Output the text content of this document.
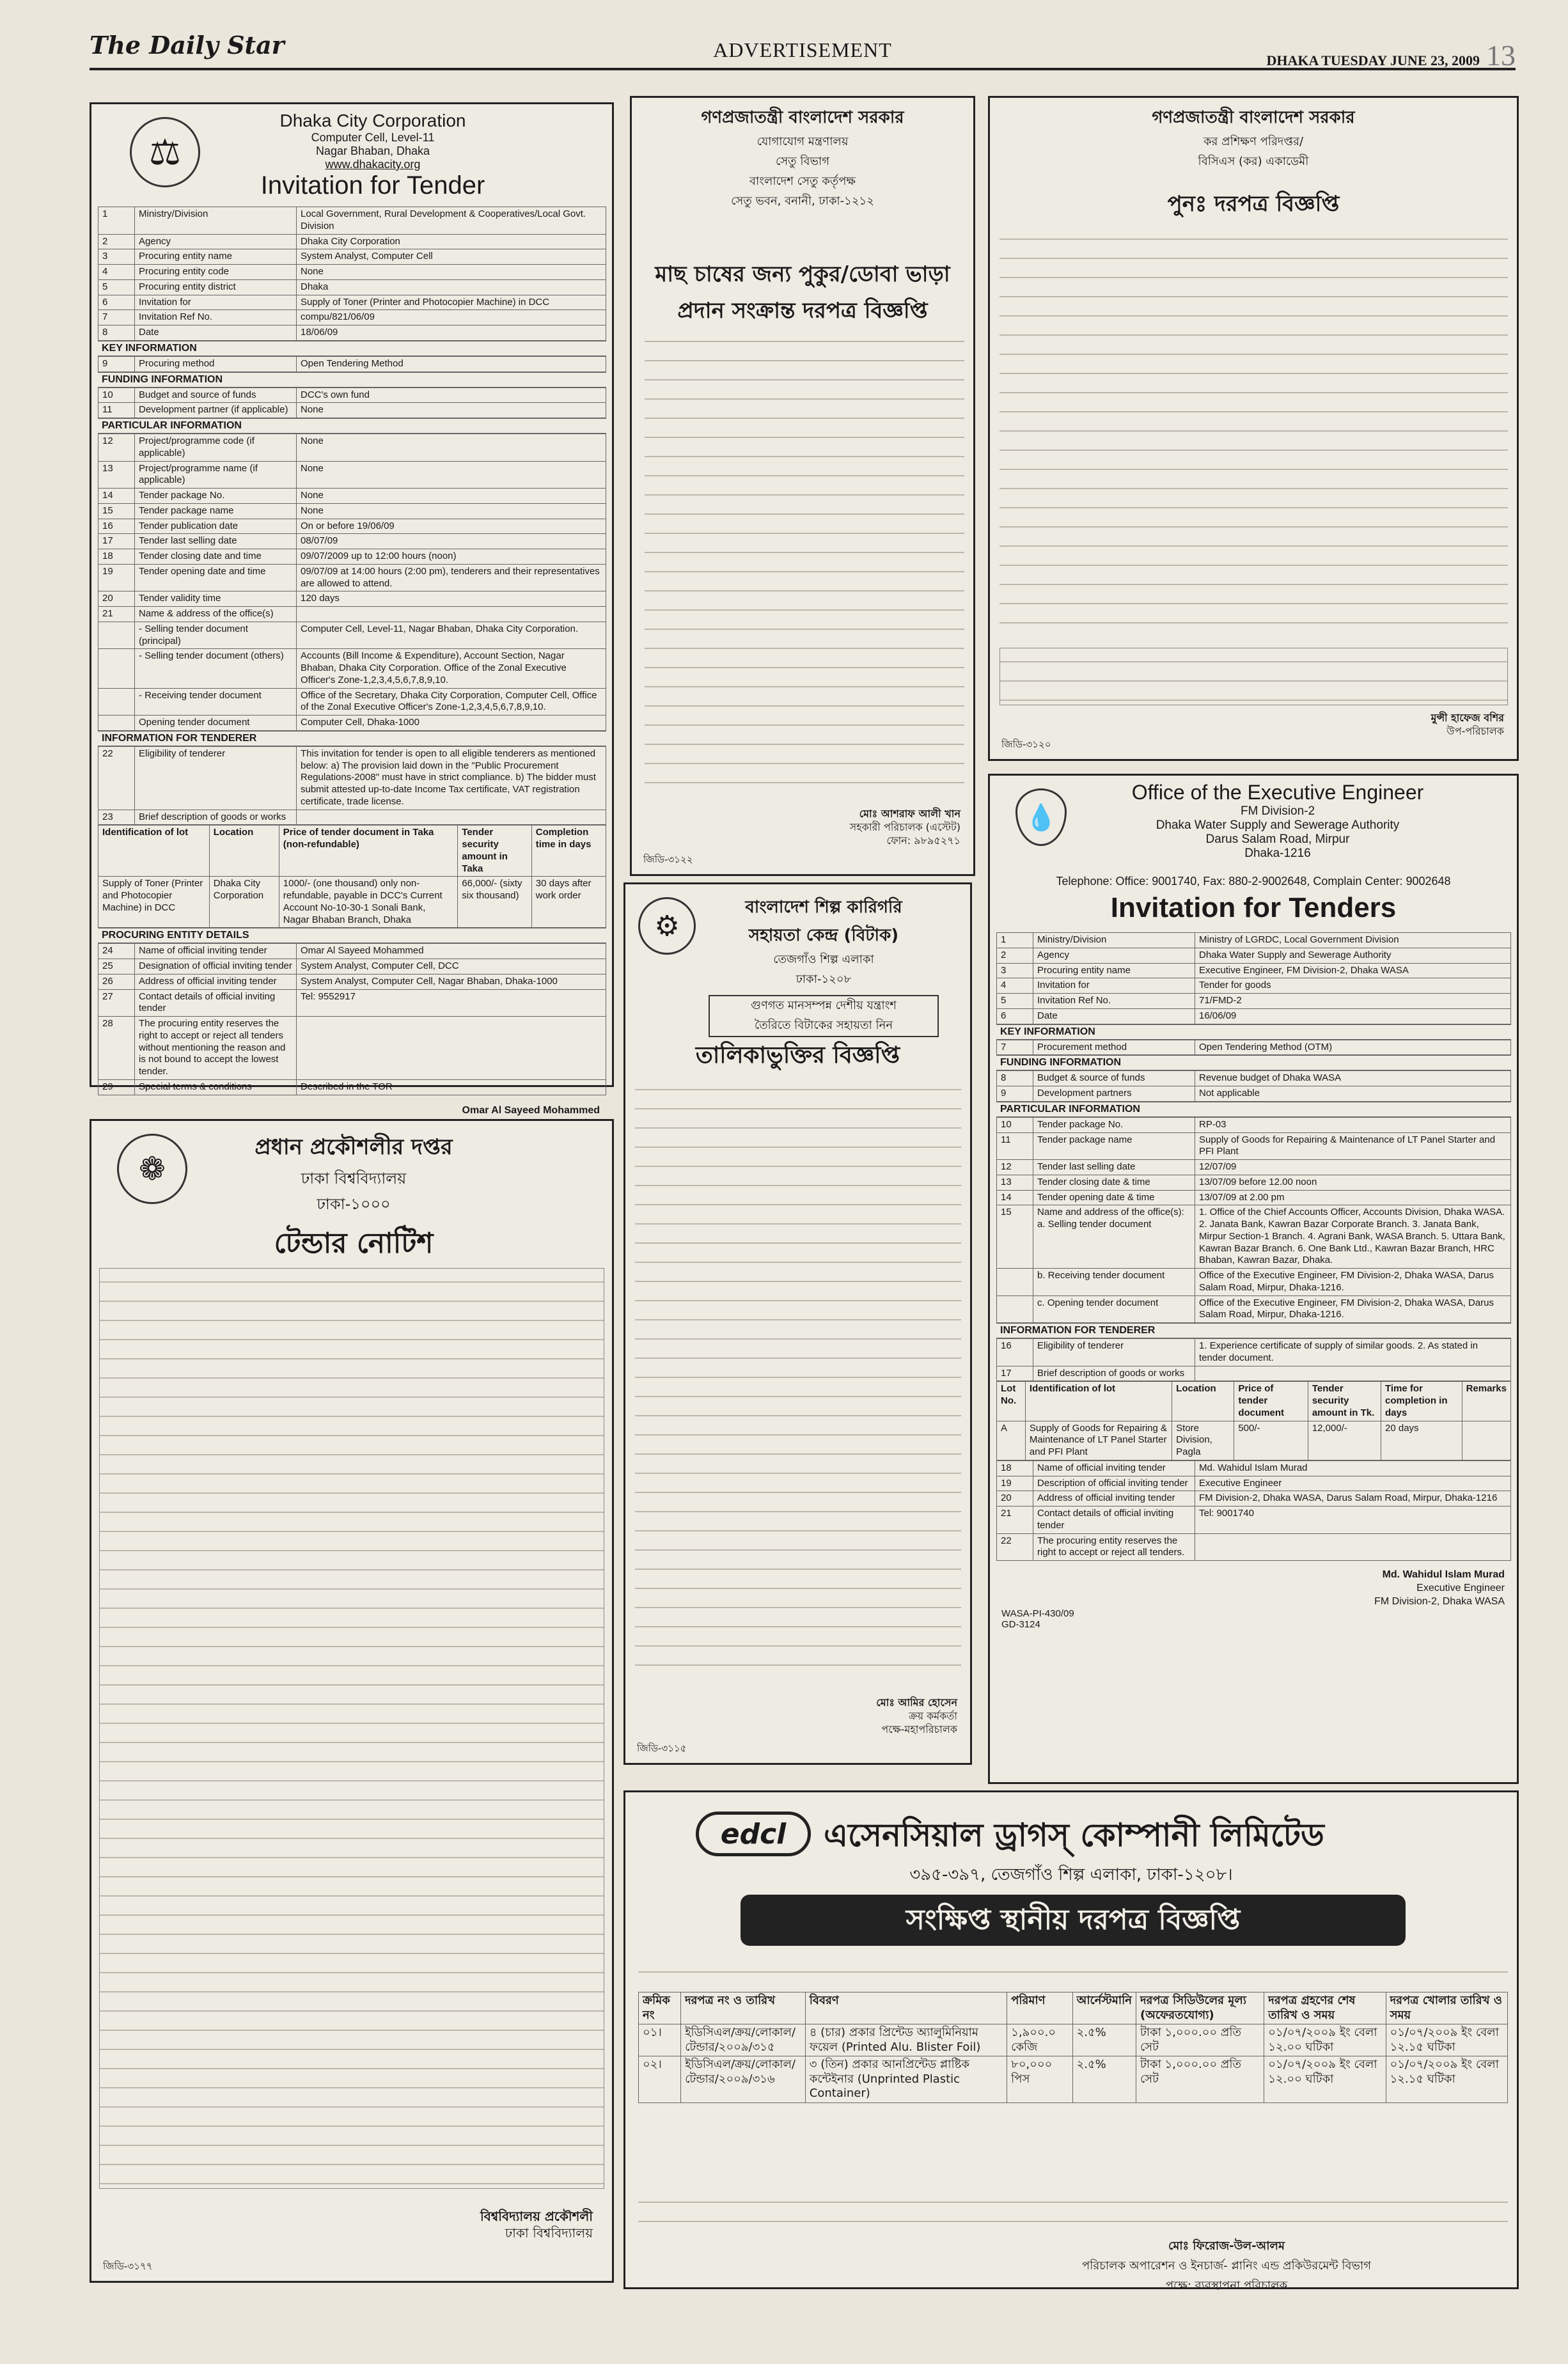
The Daily Star	ADVERTISEMENT	DHAKA TUESDAY JUNE 23, 2009 13
⚖
Dhaka City Corporation
Computer Cell, Level-11
Nagar Bhaban, Dhaka
www.dhakacity.org
Invitation for Tender
1	Ministry/Division	Local Government, Rural Development & Cooperatives/Local Govt. Division
2	Agency	Dhaka City Corporation
3	Procuring entity name	System Analyst, Computer Cell
4	Procuring entity code	None
5	Procuring entity district	Dhaka
6	Invitation for	Supply of Toner (Printer and Photocopier Machine) in DCC
7	Invitation Ref No.	compu/821/06/09
8	Date	18/06/09
KEY INFORMATION
9	Procuring method	Open Tendering Method
FUNDING INFORMATION
10	Budget and source of funds	DCC's own fund
11	Development partner (if applicable)	None
PARTICULAR INFORMATION
12	Project/programme code (if applicable)	None
13	Project/programme name (if applicable)	None
14	Tender package No.	None
15	Tender package name	None
16	Tender publication date	On or before 19/06/09
17	Tender last selling date	08/07/09
18	Tender closing date and time	09/07/2009 up to 12:00 hours (noon)
19	Tender opening date and time	09/07/09 at 14:00 hours (2:00 pm), tenderers and their representatives are allowed to attend.
20	Tender validity time	120 days
21	Name & address of the office(s)	
	- Selling tender document (principal)	Computer Cell, Level-11, Nagar Bhaban, Dhaka City Corporation.
	- Selling tender document (others)	Accounts (Bill Income & Expenditure), Account Section, Nagar Bhaban, Dhaka City Corporation. Office of the Zonal Executive Officer's Zone-1,2,3,4,5,6,7,8,9,10.
	- Receiving tender document	Office of the Secretary, Dhaka City Corporation, Computer Cell, Office of the Zonal Executive Officer's Zone-1,2,3,4,5,6,7,8,9,10.
	Opening tender document	Computer Cell, Dhaka-1000
INFORMATION FOR TENDERER
22	Eligibility of tenderer	This invitation for tender is open to all eligible tenderers as mentioned below: a) The provision laid down in the "Public Procurement Regulations-2008" must have in strict compliance. b) The bidder must submit attested up-to-date Income Tax certificate, VAT registration certificate, trade license.
23	Brief description of goods or works	
Identification of lot	Location	Price of tender document in Taka (non-refundable)	Tender security amount in Taka	Completion time in days
Supply of Toner (Printer and Photocopier Machine) in DCC	Dhaka City Corporation	1000/- (one thousand) only non-refundable, payable in DCC's Current Account No-10-30-1 Sonali Bank, Nagar Bhaban Branch, Dhaka	66,000/- (sixty six thousand)	30 days after work order
PROCURING ENTITY DETAILS
24	Name of official inviting tender	Omar Al Sayeed Mohammed
25	Designation of official inviting tender	System Analyst, Computer Cell, DCC
26	Address of official inviting tender	System Analyst, Computer Cell, Nagar Bhaban, Dhaka-1000
27	Contact details of official inviting tender	Tel: 9552917
28	The procuring entity reserves the right to accept or reject all tenders without mentioning the reason and is not bound to accept the lowest tender.	
29	Special terms & conditions	Described in the TOR
Omar Al Sayeed Mohammed
❁
প্রধান প্রকৌশলীর দপ্তর
ঢাকা বিশ্ববিদ্যালয়
ঢাকা-১০০০
টেন্ডার নোটিশ
বিশ্ববিদ্যালয় প্রকৌশলী
ঢাকা বিশ্ববিদ্যালয়
জিডি-৩১৭৭
গণপ্রজাতন্ত্রী বাংলাদেশ সরকার
যোগাযোগ মন্ত্রণালয়
সেতু বিভাগ
বাংলাদেশ সেতু কর্তৃপক্ষ
সেতু ভবন, বনানী, ঢাকা-১২১২
মাছ চাষের জন্য পুকুর/ডোবা ভাড়া
প্রদান সংক্রান্ত দরপত্র বিজ্ঞপ্তি
মোঃ আশরাফ আলী খান
সহকারী পরিচালক (এস্টেট)
ফোন: ৯৮৯৫২৭১
জিডি-৩১২২
⚙
বাংলাদেশ শিল্প কারিগরি
সহায়তা কেন্দ্র (বিটাক)
তেজগাঁও শিল্প এলাকা
ঢাকা-১২০৮
গুণগত মানসম্পন্ন দেশীয় যন্ত্রাংশ
তৈরিতে বিটাকের সহায়তা নিন
তালিকাভুক্তির বিজ্ঞপ্তি
মোঃ আমির হোসেন
ক্রয় কর্মকর্তা
পক্ষে-মহাপরিচালক
জিডি-৩১১৫
গণপ্রজাতন্ত্রী বাংলাদেশ সরকার
কর প্রশিক্ষণ পরিদপ্তর/
বিসিএস (কর) একাডেমী
পুনঃ দরপত্র বিজ্ঞপ্তি
মুন্সী হাফেজ বশির
উপ-পরিচালক
জিডি-৩১২০
💧
Office of the Executive Engineer
FM Division-2
Dhaka Water Supply and Sewerage Authority
Darus Salam Road, Mirpur
Dhaka-1216
Telephone: Office: 9001740, Fax: 880-2-9002648, Complain Center: 9002648
Invitation for Tenders
1	Ministry/Division	Ministry of LGRDC, Local Government Division
2	Agency	Dhaka Water Supply and Sewerage Authority
3	Procuring entity name	Executive Engineer, FM Division-2, Dhaka WASA
4	Invitation for	Tender for goods
5	Invitation Ref No.	71/FMD-2
6	Date	16/06/09
KEY INFORMATION
7	Procurement method	Open Tendering Method (OTM)
FUNDING INFORMATION
8	Budget & source of funds	Revenue budget of Dhaka WASA
9	Development partners	Not applicable
PARTICULAR INFORMATION
10	Tender package No.	RP-03
11	Tender package name	Supply of Goods for Repairing & Maintenance of LT Panel Starter and PFI Plant
12	Tender last selling date	12/07/09
13	Tender closing date & time	13/07/09 before 12.00 noon
14	Tender opening date & time	13/07/09 at 2.00 pm
15	Name and address of the office(s): a. Selling tender document	1. Office of the Chief Accounts Officer, Accounts Division, Dhaka WASA. 2. Janata Bank, Kawran Bazar Corporate Branch. 3. Janata Bank, Mirpur Section-1 Branch. 4. Agrani Bank, WASA Branch. 5. Uttara Bank, Kawran Bazar Branch. 6. One Bank Ltd., Kawran Bazar Branch, HRC Bhaban, Kawran Bazar, Dhaka.
	b. Receiving tender document	Office of the Executive Engineer, FM Division-2, Dhaka WASA, Darus Salam Road, Mirpur, Dhaka-1216.
	c. Opening tender document	Office of the Executive Engineer, FM Division-2, Dhaka WASA, Darus Salam Road, Mirpur, Dhaka-1216.
INFORMATION FOR TENDERER
16	Eligibility of tenderer	1. Experience certificate of supply of similar goods. 2. As stated in tender document.
17	Brief description of goods or works	
Lot No.	Identification of lot	Location	Price of tender document	Tender security amount in Tk.	Time for completion in days	Remarks
A	Supply of Goods for Repairing & Maintenance of LT Panel Starter and PFI Plant	Store Division, Pagla	500/-	12,000/-	20 days	
18	Name of official inviting tender	Md. Wahidul Islam Murad
19	Description of official inviting tender	Executive Engineer
20	Address of official inviting tender	FM Division-2, Dhaka WASA, Darus Salam Road, Mirpur, Dhaka-1216
21	Contact details of official inviting tender	Tel: 9001740
22	The procuring entity reserves the right to accept or reject all tenders.	
Md. Wahidul Islam Murad
Executive Engineer
FM Division-2, Dhaka WASA
WASA-PI-430/09
GD-3124
edcl	এসেনসিয়াল ড্রাগস্ কোম্পানী লিমিটেড
৩৯৫-৩৯৭, তেজগাঁও শিল্প এলাকা, ঢাকা-১২০৮।
সংক্ষিপ্ত স্থানীয় দরপত্র বিজ্ঞপ্তি
ক্রমিক নং	দরপত্র নং ও তারিখ	বিবরণ	পরিমাণ	আর্নেস্টমানি	দরপত্র সিডিউলের মূল্য (অফেরতযোগ্য)	দরপত্র গ্রহণের শেষ তারিখ ও সময়	দরপত্র খোলার তারিখ ও সময়
০১।	ইডিসিএল/ক্রয়/লোকাল/টেন্ডার/২০০৯/৩১৫	৪ (চার) প্রকার প্রিন্টেড অ্যালুমিনিয়াম ফয়েল (Printed Alu. Blister Foil)	১,৯০০.০ কেজি	২.৫%	টাকা ১,০০০.০০ প্রতি সেট	০১/০৭/২০০৯ ইং বেলা ১২.০০ ঘটিকা	০১/০৭/২০০৯ ইং বেলা ১২.১৫ ঘটিকা
০২।	ইডিসিএল/ক্রয়/লোকাল/টেন্ডার/২০০৯/৩১৬	৩ (তিন) প্রকার আনপ্রিন্টেড প্লাষ্টিক কন্টেইনার (Unprinted Plastic Container)	৮০,০০০ পিস	২.৫%	টাকা ১,০০০.০০ প্রতি সেট	০১/০৭/২০০৯ ইং বেলা ১২.০০ ঘটিকা	০১/০৭/২০০৯ ইং বেলা ১২.১৫ ঘটিকা
মোঃ ফিরোজ-উল-আলম
পরিচালক অপারেশন ও ইনচার্জ- প্লানিং এন্ড প্রকিউরমেন্ট বিভাগ
পক্ষে: ব্যবস্থাপনা পরিচালক
